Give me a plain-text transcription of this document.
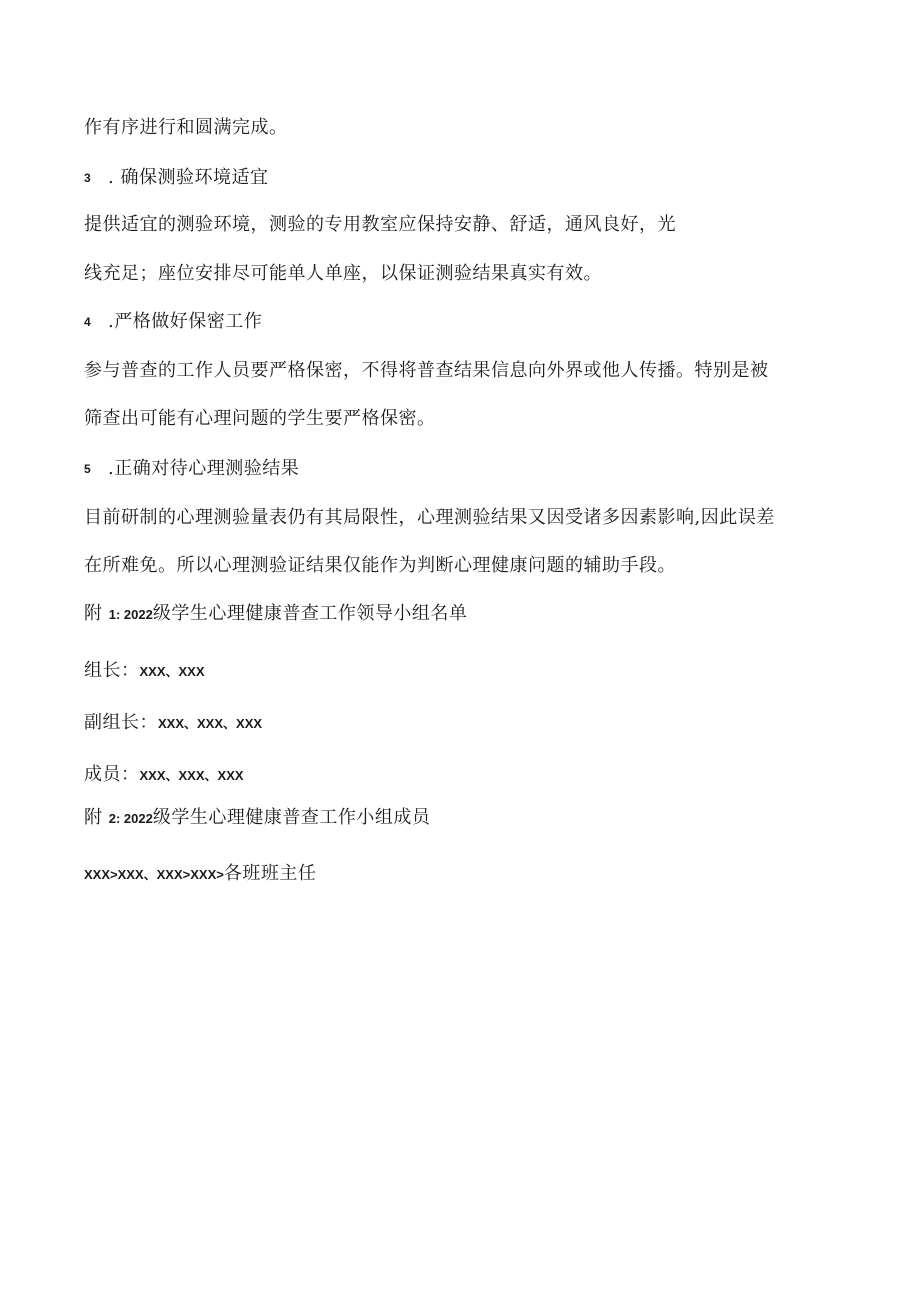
作有序进行和圆满完成。
3 . 确保测验环境适宜
提供适宜的测验环境，测验的专用教室应保持安静、舒适，通风良好，光
线充足；座位安排尽可能单人单座，以保证测验结果真实有效。
4 .严格做好保密工作
参与普查的工作人员要严格保密，不得将普查结果信息向外界或他人传播。特别是被
筛查出可能有心理问题的学生要严格保密。
5 .正确对待心理测验结果
目前研制的心理测验量表仍有其局限性，心理测验结果又因受诸多因素影响,因此误差
在所难免。所以心理测验证结果仅能作为判断心理健康问题的辅助手段。
附 1: 2022级学生心理健康普查工作领导小组名单
组长：XXX、XXX
副组长：XXX、XXX、XXX
成员：XXX、XXX、XXX
附 2: 2022级学生心理健康普查工作小组成员
XXX>XXX、XXX>XXX>各班班主任
